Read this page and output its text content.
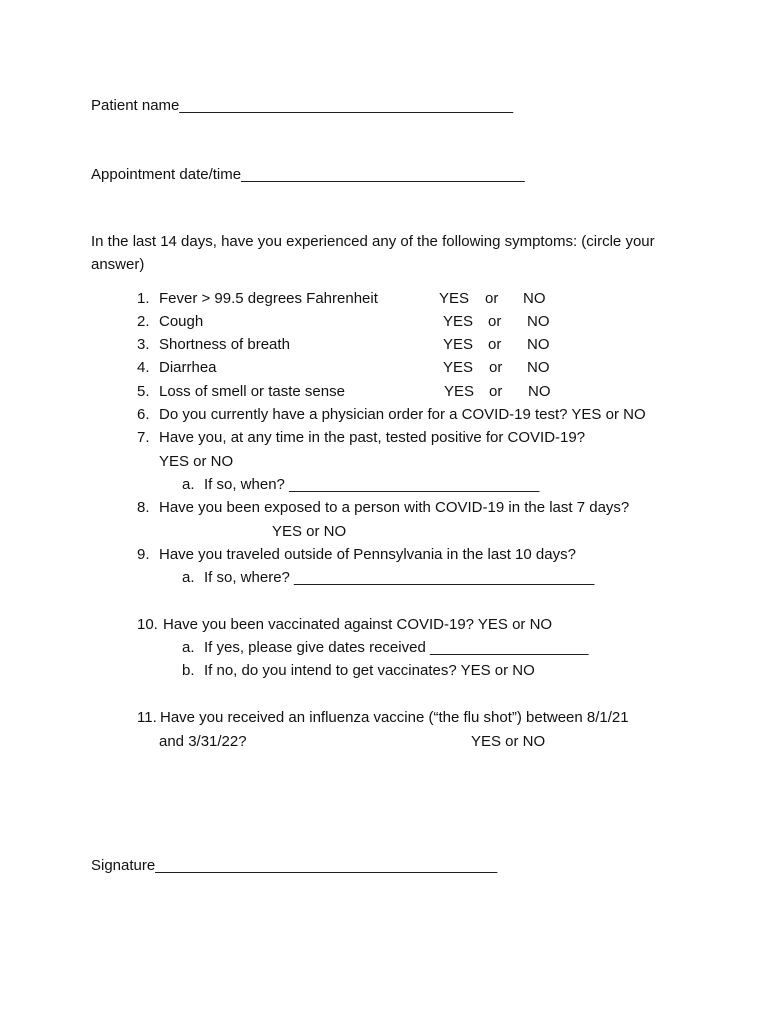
Patient name________________________________________
Appointment date/time__________________________________
In the last 14 days, have you experienced any of the following symptoms: (circle your answer)
1. Fever > 99.5 degrees Fahrenheit	YES or NO
2. Cough	YES or NO
3. Shortness of breath	YES or NO
4. Diarrhea	YES or NO
5. Loss of smell or taste sense	YES or NO
6. Do you currently have a physician order for a COVID-19 test? YES or NO
7. Have you, at any time in the past, tested positive for COVID-19?
YES or NO
a. If so, when? ______________________________
8. Have you been exposed to a person with COVID-19 in the last 7 days?
YES or NO
9. Have you traveled outside of Pennsylvania in the last 10 days?
a. If so, where? ____________________________________
10. Have you been vaccinated against COVID-19? YES or NO
a. If yes, please give dates received ___________________
b. If no, do you intend to get vaccinates? YES or NO
11. Have you received an influenza vaccine (“the flu shot”) between 8/1/21
and 3/31/22?	YES or NO
Signature_________________________________________
